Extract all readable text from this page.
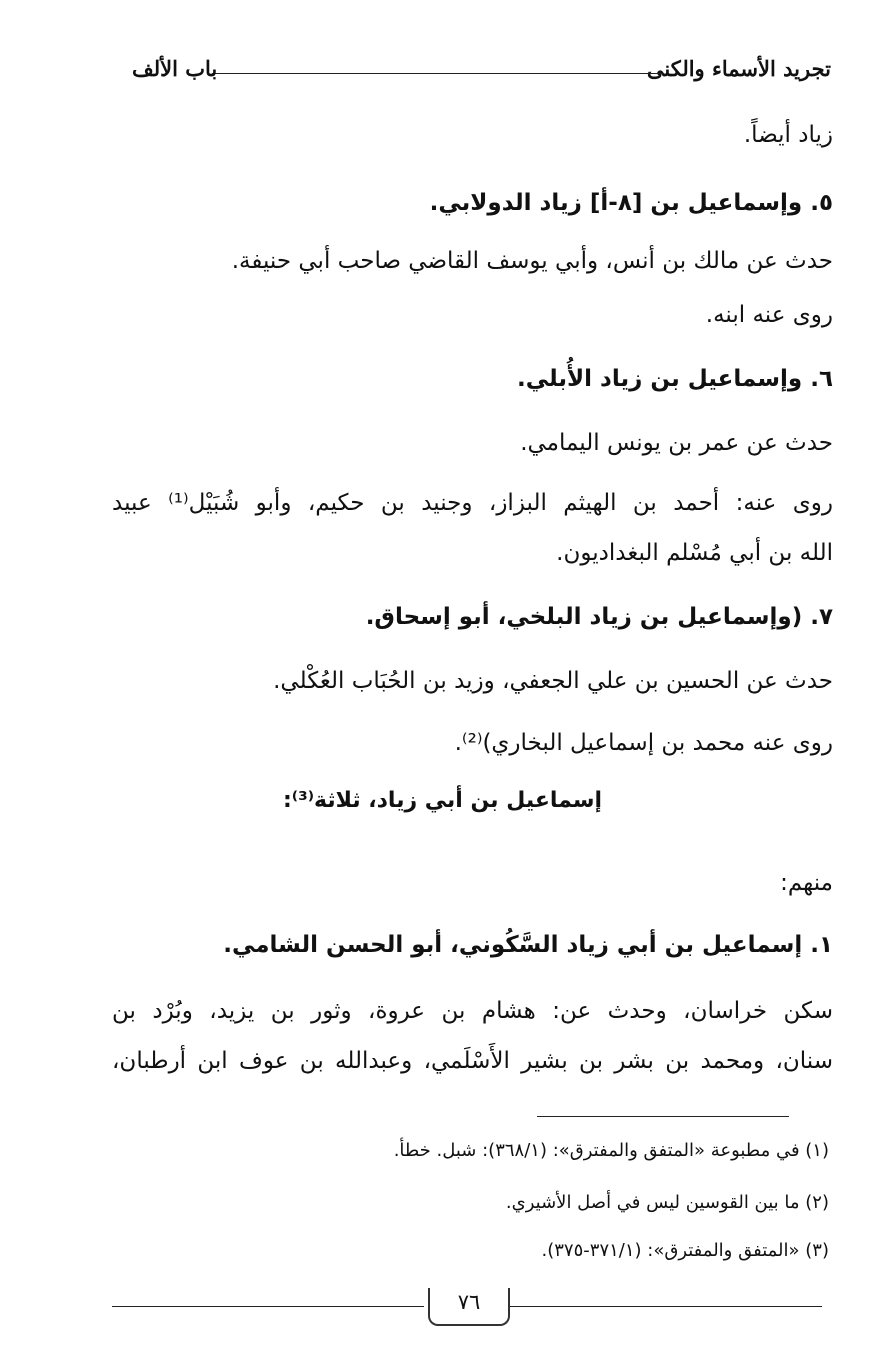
تجريد الأسماء والكنى
باب الألف
زياد أيضاً.
٥. وإسماعيل بن [٨-أ] زياد الدولابي.
حدث عن مالك بن أنس، وأبي يوسف القاضي صاحب أبي حنيفة.
روى عنه ابنه.
٦. وإسماعيل بن زياد الأُبلي.
حدث عن عمر بن يونس اليمامي.
روى عنه: أحمد بن الهيثم البزاز، وجنيد بن حكيم، وأبو شُبَيْل⁽¹⁾ عبيد
الله بن أبي مُسْلم البغداديون.
٧. (وإسماعيل بن زياد البلخي، أبو إسحاق.
حدث عن الحسين بن علي الجعفي، وزيد بن الحُبَاب العُكْلي.
روى عنه محمد بن إسماعيل البخاري)⁽²⁾.
إسماعيل بن أبي زياد، ثلاثة⁽³⁾:
منهم:
١. إسماعيل بن أبي زياد السَّكُوني، أبو الحسن الشامي.
سكن خراسان، وحدث عن: هشام بن عروة، وثور بن يزيد، وبُرْد بن
سنان، ومحمد بن بشر بن بشير الأَسْلَمي، وعبدالله بن عوف ابن أرطبان،
(١) في مطبوعة «المتفق والمفترق»: (٣٦٨/١): شبل. خطأ.
(٢) ما بين القوسين ليس في أصل الأشيري.
(٣) «المتفق والمفترق»: (٣٧١/١-٣٧٥).
٧٦
